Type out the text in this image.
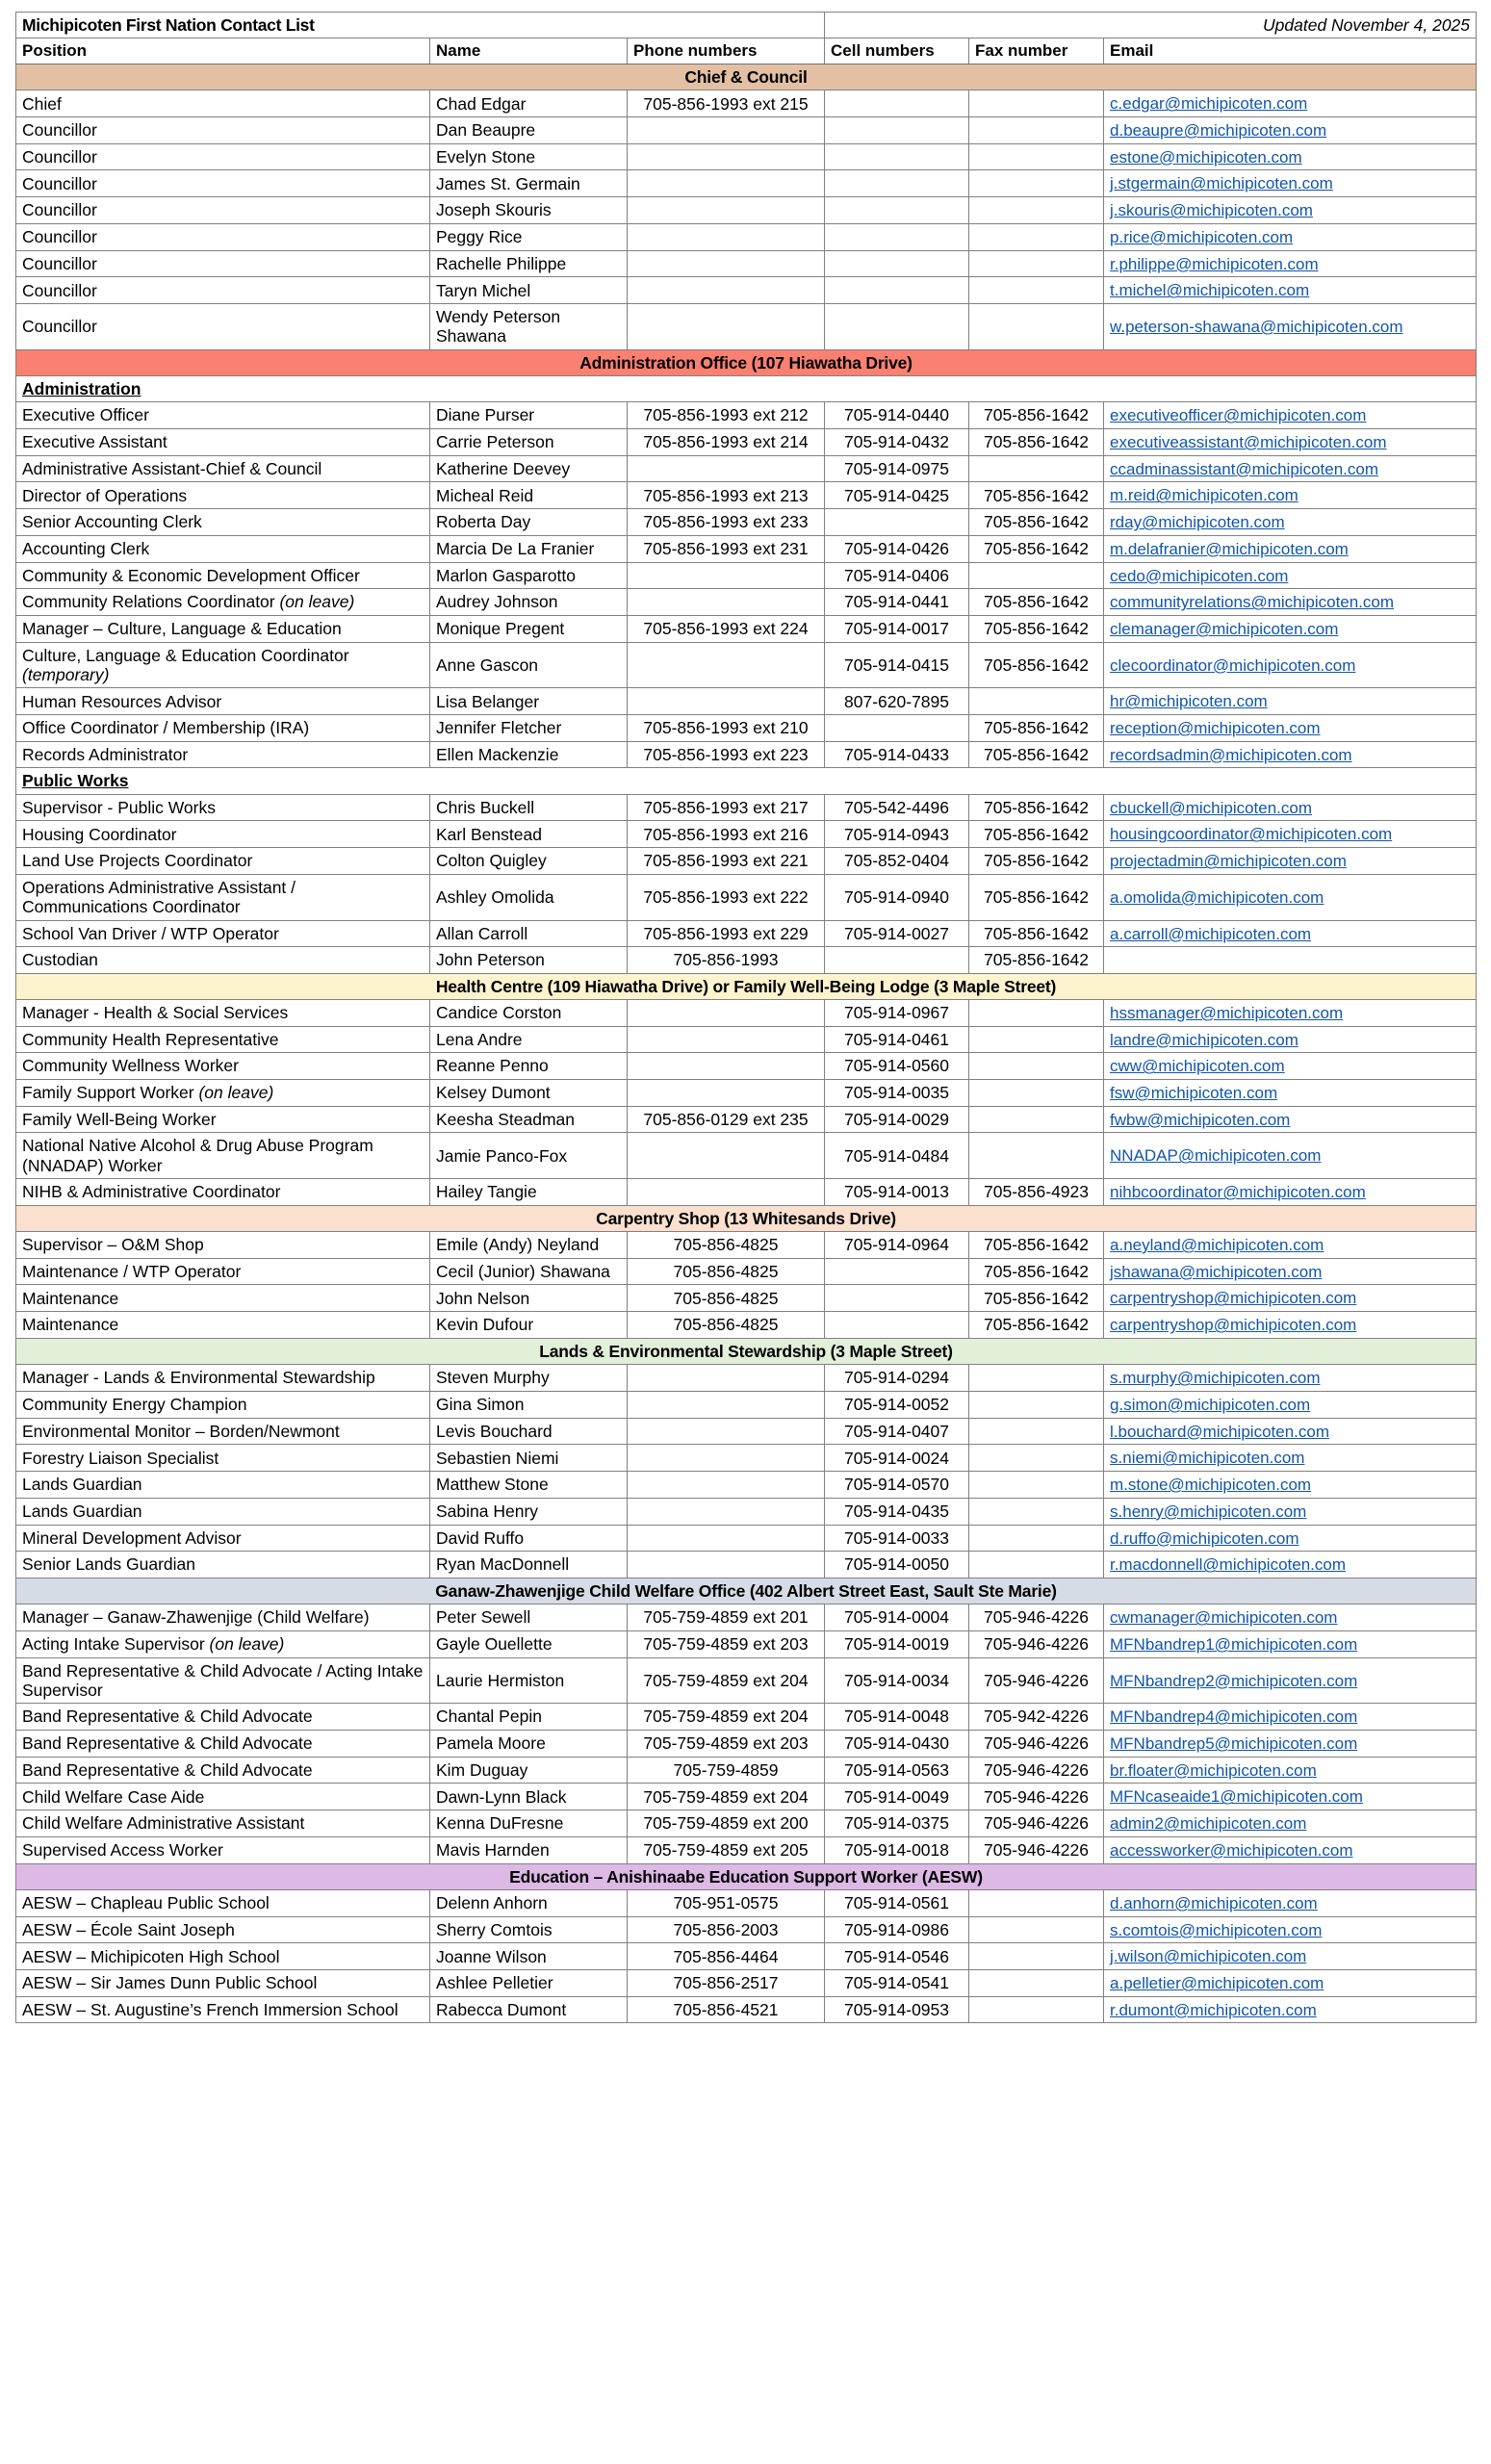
Michipicoten First Nation Contact List			Updated November 4, 2025		
Position	Name	Phone numbers	Cell numbers	Fax number	Email
Chief & Council					
Chief	Chad Edgar	705-856-1993 ext 215			c.edgar@michipicoten.com
Councillor	Dan Beaupre				d.beaupre@michipicoten.com
Councillor	Evelyn Stone				estone@michipicoten.com
Councillor	James St. Germain				j.stgermain@michipicoten.com
Councillor	Joseph Skouris				j.skouris@michipicoten.com
Councillor	Peggy Rice				p.rice@michipicoten.com
Councillor	Rachelle Philippe				r.philippe@michipicoten.com
Councillor	Taryn Michel				t.michel@michipicoten.com
Councillor	Wendy Peterson Shawana				w.peterson-shawana@michipicoten.com
Administration Office (107 Hiawatha Drive)					
Administration					
Executive Officer	Diane Purser	705-856-1993 ext 212	705-914-0440	705-856-1642	executiveofficer@michipicoten.com
Executive Assistant	Carrie Peterson	705-856-1993 ext 214	705-914-0432	705-856-1642	executiveassistant@michipicoten.com
Administrative Assistant-Chief & Council	Katherine Deevey		705-914-0975		ccadminassistant@michipicoten.com
Director of Operations	Micheal Reid	705-856-1993 ext 213	705-914-0425	705-856-1642	m.reid@michipicoten.com
Senior Accounting Clerk	Roberta Day	705-856-1993 ext 233		705-856-1642	rday@michipicoten.com
Accounting Clerk	Marcia De La Franier	705-856-1993 ext 231	705-914-0426	705-856-1642	m.delafranier@michipicoten.com
Community & Economic Development Officer	Marlon Gasparotto		705-914-0406		cedo@michipicoten.com
Community Relations Coordinator (on leave)	Audrey Johnson		705-914-0441	705-856-1642	communityrelations@michipicoten.com
Manager – Culture, Language & Education	Monique Pregent	705-856-1993 ext 224	705-914-0017	705-856-1642	clemanager@michipicoten.com
Culture, Language & Education Coordinator (temporary)	Anne Gascon		705-914-0415	705-856-1642	clecoordinator@michipicoten.com
Human Resources Advisor	Lisa Belanger		807-620-7895		hr@michipicoten.com
Office Coordinator / Membership (IRA)	Jennifer Fletcher	705-856-1993 ext 210		705-856-1642	reception@michipicoten.com
Records Administrator	Ellen Mackenzie	705-856-1993 ext 223	705-914-0433	705-856-1642	recordsadmin@michipicoten.com
Public Works					
Supervisor - Public Works	Chris Buckell	705-856-1993 ext 217	705-542-4496	705-856-1642	cbuckell@michipicoten.com
Housing Coordinator	Karl Benstead	705-856-1993 ext 216	705-914-0943	705-856-1642	housingcoordinator@michipicoten.com
Land Use Projects Coordinator	Colton Quigley	705-856-1993 ext 221	705-852-0404	705-856-1642	projectadmin@michipicoten.com
Operations Administrative Assistant / Communications Coordinator	Ashley Omolida	705-856-1993 ext 222	705-914-0940	705-856-1642	a.omolida@michipicoten.com
School Van Driver / WTP Operator	Allan Carroll	705-856-1993 ext 229	705-914-0027	705-856-1642	a.carroll@michipicoten.com
Custodian	John Peterson	705-856-1993		705-856-1642	
Health Centre (109 Hiawatha Drive) or Family Well-Being Lodge (3 Maple Street)					
Manager - Health & Social Services	Candice Corston		705-914-0967		hssmanager@michipicoten.com
Community Health Representative	Lena Andre		705-914-0461		landre@michipicoten.com
Community Wellness Worker	Reanne Penno		705-914-0560		cww@michipicoten.com
Family Support Worker (on leave)	Kelsey Dumont		705-914-0035		fsw@michipicoten.com
Family Well-Being Worker	Keesha Steadman	705-856-0129 ext 235	705-914-0029		fwbw@michipicoten.com
National Native Alcohol & Drug Abuse Program (NNADAP) Worker	Jamie Panco-Fox		705-914-0484		NNADAP@michipicoten.com
NIHB & Administrative Coordinator	Hailey Tangie		705-914-0013	705-856-4923	nihbcoordinator@michipicoten.com
Carpentry Shop (13 Whitesands Drive)					
Supervisor – O&M Shop	Emile (Andy) Neyland	705-856-4825	705-914-0964	705-856-1642	a.neyland@michipicoten.com
Maintenance / WTP Operator	Cecil (Junior) Shawana	705-856-4825		705-856-1642	jshawana@michipicoten.com
Maintenance	John Nelson	705-856-4825		705-856-1642	carpentryshop@michipicoten.com
Maintenance	Kevin Dufour	705-856-4825		705-856-1642	carpentryshop@michipicoten.com
Lands & Environmental Stewardship (3 Maple Street)					
Manager - Lands & Environmental Stewardship	Steven Murphy		705-914-0294		s.murphy@michipicoten.com
Community Energy Champion	Gina Simon		705-914-0052		g.simon@michipicoten.com
Environmental Monitor – Borden/Newmont	Levis Bouchard		705-914-0407		l.bouchard@michipicoten.com
Forestry Liaison Specialist	Sebastien Niemi		705-914-0024		s.niemi@michipicoten.com
Lands Guardian	Matthew Stone		705-914-0570		m.stone@michipicoten.com
Lands Guardian	Sabina Henry		705-914-0435		s.henry@michipicoten.com
Mineral Development Advisor	David Ruffo		705-914-0033		d.ruffo@michipicoten.com
Senior Lands Guardian	Ryan MacDonnell		705-914-0050		r.macdonnell@michipicoten.com
Ganaw-Zhawenjige Child Welfare Office (402 Albert Street East, Sault Ste Marie)					
Manager – Ganaw-Zhawenjige (Child Welfare)	Peter Sewell	705-759-4859 ext 201	705-914-0004	705-946-4226	cwmanager@michipicoten.com
Acting Intake Supervisor (on leave)	Gayle Ouellette	705-759-4859 ext 203	705-914-0019	705-946-4226	MFNbandrep1@michipicoten.com
Band Representative & Child Advocate / Acting Intake Supervisor	Laurie Hermiston	705-759-4859 ext 204	705-914-0034	705-946-4226	MFNbandrep2@michipicoten.com
Band Representative & Child Advocate	Chantal Pepin	705-759-4859 ext 204	705-914-0048	705-942-4226	MFNbandrep4@michipicoten.com
Band Representative & Child Advocate	Pamela Moore	705-759-4859 ext 203	705-914-0430	705-946-4226	MFNbandrep5@michipicoten.com
Band Representative & Child Advocate	Kim Duguay	705-759-4859	705-914-0563	705-946-4226	br.floater@michipicoten.com
Child Welfare Case Aide	Dawn-Lynn Black	705-759-4859 ext 204	705-914-0049	705-946-4226	MFNcaseaide1@michipicoten.com
Child Welfare Administrative Assistant	Kenna DuFresne	705-759-4859 ext 200	705-914-0375	705-946-4226	admin2@michipicoten.com
Supervised Access Worker	Mavis Harnden	705-759-4859 ext 205	705-914-0018	705-946-4226	accessworker@michipicoten.com
Education – Anishinaabe Education Support Worker (AESW)					
AESW – Chapleau Public School	Delenn Anhorn	705-951-0575	705-914-0561		d.anhorn@michipicoten.com
AESW – École Saint Joseph	Sherry Comtois	705-856-2003	705-914-0986		s.comtois@michipicoten.com
AESW – Michipicoten High School	Joanne Wilson	705-856-4464	705-914-0546		j.wilson@michipicoten.com
AESW – Sir James Dunn Public School	Ashlee Pelletier	705-856-2517	705-914-0541		a.pelletier@michipicoten.com
AESW – St. Augustine’s French Immersion School	Rabecca Dumont	705-856-4521	705-914-0953		r.dumont@michipicoten.com
